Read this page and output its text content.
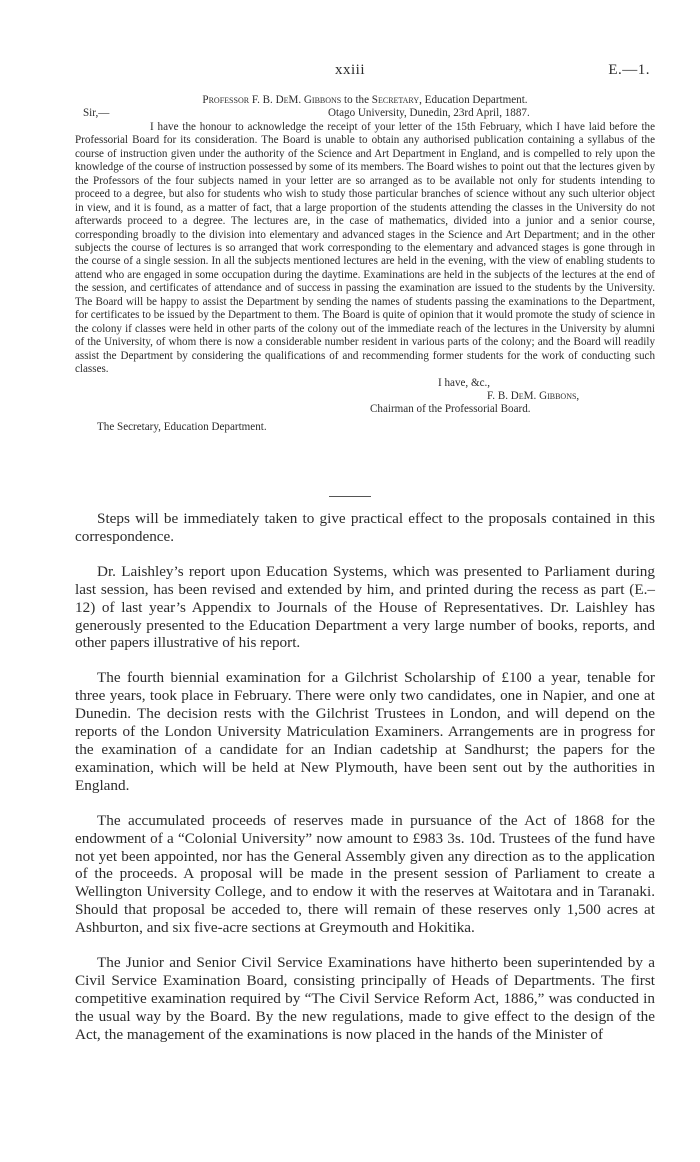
xxiii	E.—1.

Professor F. B. DeM. Gibbons to the Secretary, Education Department.

Sir,—	Otago University, Dunedin, 23rd April, 1887.

I have the honour to acknowledge the receipt of your letter of the 15th February, which I have laid before the Professorial Board for its consideration. The Board is unable to obtain any authorised publication containing a syllabus of the course of instruction given under the authority of the Science and Art Department in England, and is compelled to rely upon the knowledge of the course of instruction possessed by some of its members. The Board wishes to point out that the lectures given by the Professors of the four subjects named in your letter are so arranged as to be available not only for students intending to proceed to a degree, but also for students who wish to study those particular branches of science without any such ulterior object in view, and it is found, as a matter of fact, that a large proportion of the students attending the classes in the University do not afterwards proceed to a degree. The lectures are, in the case of mathematics, divided into a junior and a senior course, corresponding broadly to the division into elementary and advanced stages in the Science and Art Department; and in the other subjects the course of lectures is so arranged that work corresponding to the elementary and advanced stages is gone through in the course of a single session. In all the subjects mentioned lectures are held in the evening, with the view of enabling students to attend who are engaged in some occupation during the daytime. Examinations are held in the subjects of the lectures at the end of the session, and certificates of attendance and of success in passing the examination are issued to the students by the University. The Board will be happy to assist the Department by sending the names of students passing the examinations to the Department, for certificates to be issued by the Department to them. The Board is quite of opinion that it would promote the study of science in the colony if classes were held in other parts of the colony out of the immediate reach of the lectures in the University by alumni of the University, of whom there is now a considerable number resident in various parts of the colony; and the Board will readily assist the Department by considering the qualifications of and recommending former students for the work of conducting such classes.

I have, &c.,
F. B. DeM. Gibbons,
Chairman of the Professorial Board.
The Secretary, Education Department.

Steps will be immediately taken to give practical effect to the proposals contained in this correspondence.

Dr. Laishley’s report upon Education Systems, which was presented to Parliament during last session, has been revised and extended by him, and printed during the recess as part (E.–12) of last year’s Appendix to Journals of the House of Representatives. Dr. Laishley has generously presented to the Education Department a very large number of books, reports, and other papers illustrative of his report.

The fourth biennial examination for a Gilchrist Scholarship of £100 a year, tenable for three years, took place in February. There were only two candidates, one in Napier, and one at Dunedin. The decision rests with the Gilchrist Trustees in London, and will depend on the reports of the London University Matriculation Examiners. Arrangements are in progress for the examination of a candidate for an Indian cadetship at Sandhurst; the papers for the examination, which will be held at New Plymouth, have been sent out by the authorities in England.

The accumulated proceeds of reserves made in pursuance of the Act of 1868 for the endowment of a “Colonial University” now amount to £983 3s. 10d. Trustees of the fund have not yet been appointed, nor has the General Assembly given any direction as to the application of the proceeds. A proposal will be made in the present session of Parliament to create a Wellington University College, and to endow it with the reserves at Waitotara and in Taranaki. Should that proposal be acceded to, there will remain of these reserves only 1,500 acres at Ashburton, and six five-acre sections at Greymouth and Hokitika.

The Junior and Senior Civil Service Examinations have hitherto been superintended by a Civil Service Examination Board, consisting principally of Heads of Departments. The first competitive examination required by “The Civil Service Reform Act, 1886,” was conducted in the usual way by the Board. By the new regulations, made to give effect to the design of the Act, the management of the examinations is now placed in the hands of the Minister of
